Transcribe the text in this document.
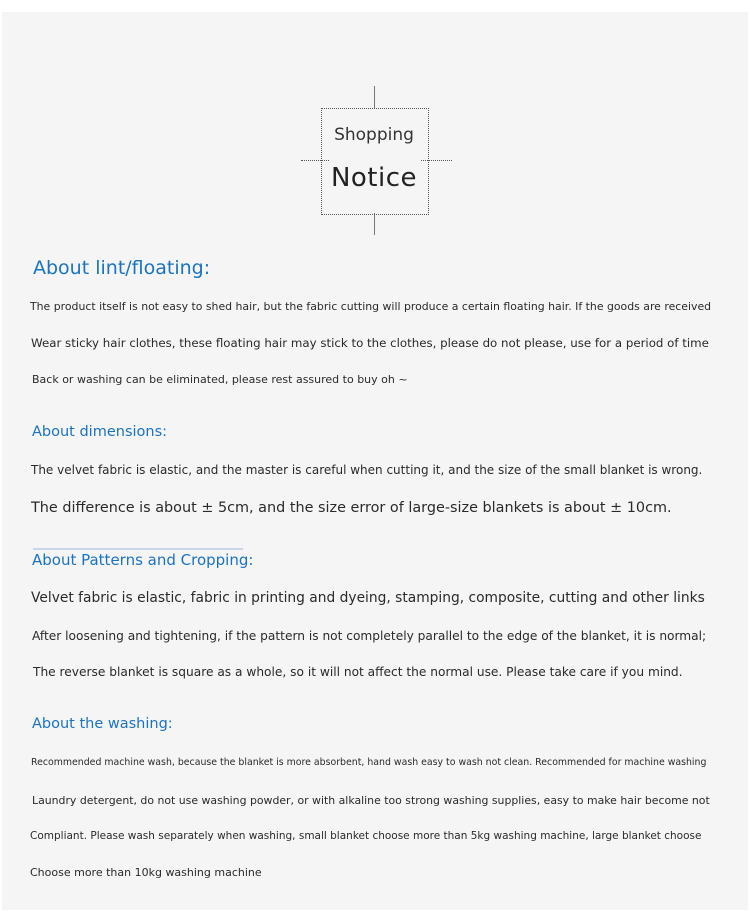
Shopping
Notice
About lint/floating:

The product itself is not easy to shed hair, but the fabric cutting will produce a certain floating hair. If the goods are received

Wear sticky hair clothes, these floating hair may stick to the clothes, please do not please, use for a period of time

Back or washing can be eliminated, please rest assured to buy oh ~

About dimensions:

The velvet fabric is elastic, and the master is careful when cutting it, and the size of the small blanket is wrong.

The difference is about ± 5cm, and the size error of large-size blankets is about ± 10cm.

About Patterns and Cropping:

Velvet fabric is elastic, fabric in printing and dyeing, stamping, composite, cutting and other links

After loosening and tightening, if the pattern is not completely parallel to the edge of the blanket, it is normal;

The reverse blanket is square as a whole, so it will not affect the normal use. Please take care if you mind.

About the washing:

Recommended machine wash, because the blanket is more absorbent, hand wash easy to wash not clean. Recommended for machine washing

Laundry detergent, do not use washing powder, or with alkaline too strong washing supplies, easy to make hair become not

Compliant. Please wash separately when washing, small blanket choose more than 5kg washing machine, large blanket choose

Choose more than 10kg washing machine
